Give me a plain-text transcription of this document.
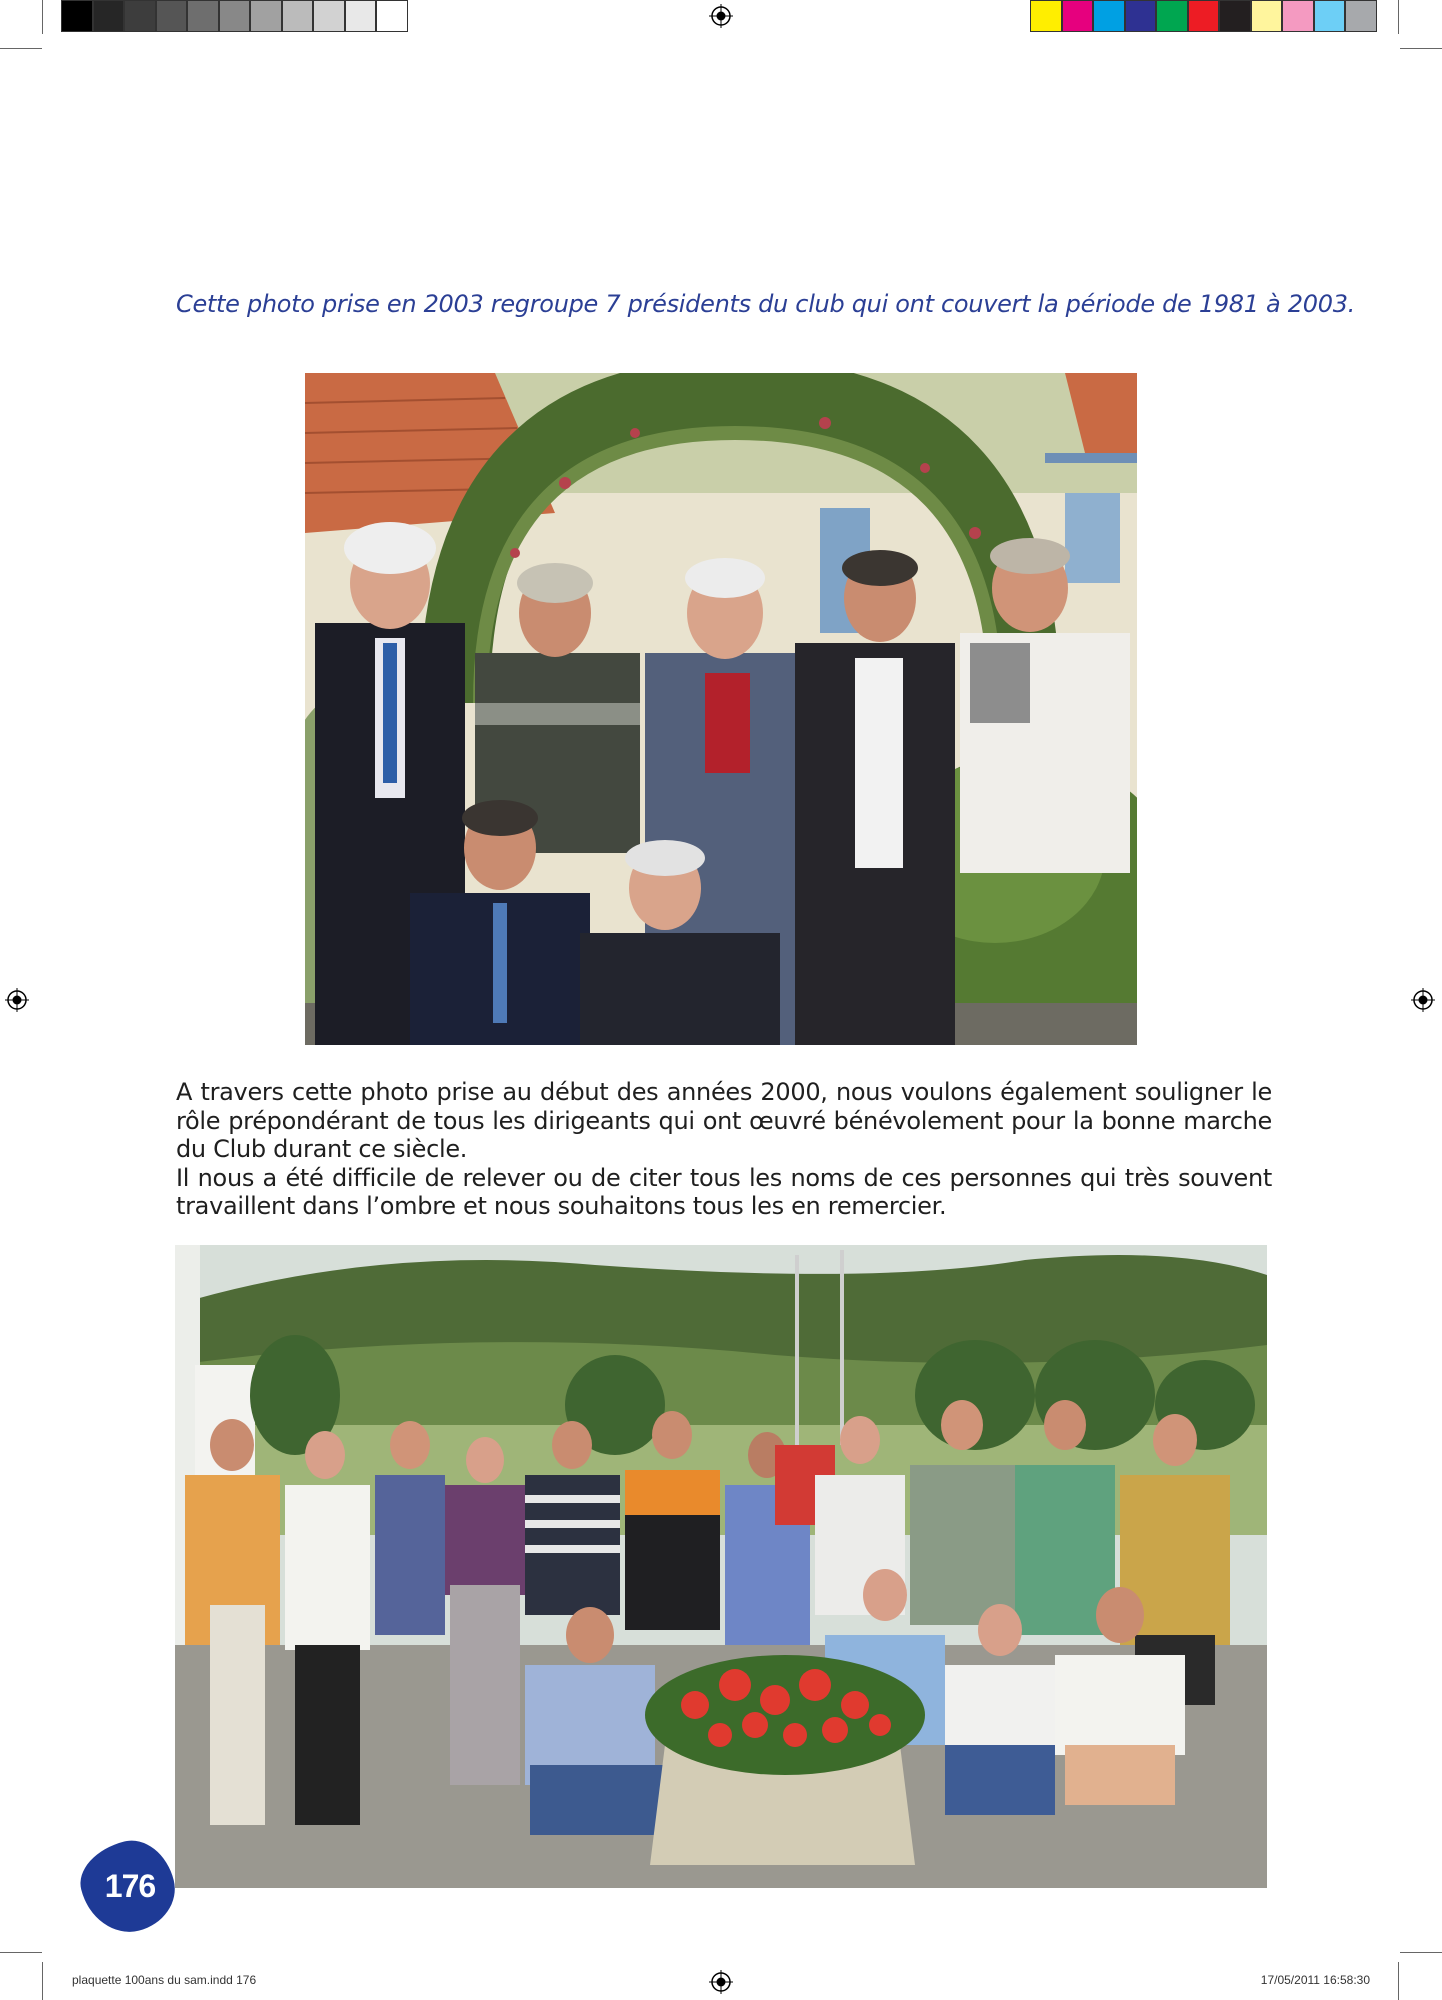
Cette photo prise en 2003 regroupe 7 présidents du club qui ont couvert la période de 1981 à 2003.

A travers cette photo prise au début des années 2000, nous voulons également souligner le rôle prépondérant de tous les dirigeants qui ont œuvré bénévolement pour la bonne marche du Club durant ce siècle.

Il nous a été difficile de relever ou de citer tous les noms de ces personnes qui très souvent travaillent dans l’ombre et nous souhaitons tous les en remercier.

176
plaquette 100ans du sam.indd 176	17/05/2011 16:58:30
